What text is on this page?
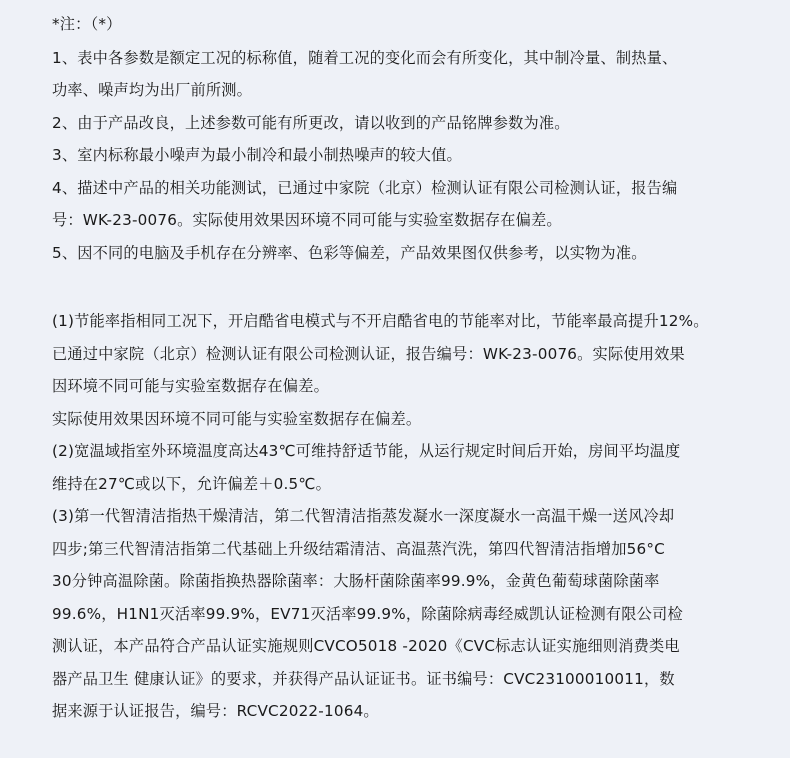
*注：（*）
1、表中各参数是额定工况的标称值，随着工况的变化而会有所变化，其中制冷量、制热量、
功率、噪声均为出厂前所测。
2、由于产品改良，上述参数可能有所更改，请以收到的产品铭牌参数为准。
3、室内标称最小噪声为最小制冷和最小制热噪声的较大值。
4、描述中产品的相关功能测试，已通过中家院（北京）检测认证有限公司检测认证，报告编
号：WK-23-0076。实际使用效果因环境不同可能与实验室数据存在偏差。
5、因不同的电脑及手机存在分辨率、色彩等偏差，产品效果图仅供参考，以实物为准。
(1)节能率指相同工况下，开启酷省电模式与不开启酷省电的节能率对比，节能率最高提升12%。
已通过中家院（北京）检测认证有限公司检测认证，报告编号：WK-23-0076。实际使用效果
因环境不同可能与实验室数据存在偏差。
实际使用效果因环境不同可能与实验室数据存在偏差。
(2)宽温域指室外环境温度高达43℃可维持舒适节能，从运行规定时间后开始，房间平均温度
维持在27℃或以下，允许偏差＋0.5℃。
(3)第一代智清洁指热干燥清洁，第二代智清洁指蒸发凝水一深度凝水一高温干燥一送风冷却
四步;第三代智清洁指第二代基础上升级结霜清洁、高温蒸汽洗，第四代智清洁指增加56°C
30分钟高温除菌。除菌指换热器除菌率：大肠杆菌除菌率99.9%，金黄色葡萄球菌除菌率
99.6%，H1N1灭活率99.9%，EV71灭活率99.9%，除菌除病毒经威凯认证检测有限公司检
测认证，本产品符合产品认证实施规则CVCO5018 -2020《CVC标志认证实施细则消费类电
器产品卫生 健康认证》的要求，并获得产品认证证书。证书编号：CVC23100010011，数
据来源于认证报告，编号：RCVC2022-1064。
